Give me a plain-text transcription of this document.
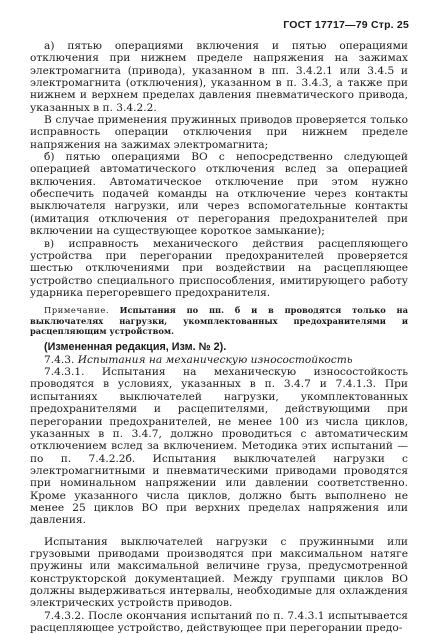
ГОСТ 17717—79 Стр. 25

а) пятью операциями включения и пятью операциями отключения при нижнем пределе напряжения на зажимах электромагнита (привода), указанном в пп. 3.4.2.1 или 3.4.5 и электромагнита (отключения), указанном в п. 3.4.3, а также при нижнем и верхнем пределах давления пневматического привода, указанных в п. 3.4.2.2.

В случае применения пружинных приводов проверяется только исправность операции отключения при нижнем пределе напряжения на зажимах электромагнита;

б) пятью операциями ВО с непосредственно следующей операцией автоматического отключения вслед за операцией включения. Автоматическое отключение при этом нужно обеспечить подачей команды на отключение через контакты выключателя нагрузки, или через вспомогательные контакты (имитация отключения от перегорания предохранителей при включении на существующее короткое замыкание);

в) исправность механического действия расцепляющего устройства при перегорании предохранителей проверяется шестью отключениями при воздействии на расцепляющее устройство специального приспособления, имитирующего работу ударника перегоревшего предохранителя.

Примечание. Испытания по пп. б и в проводятся только на выключателях нагрузки, укомплектованных предохранителями и расцепляющим устройством.

(Измененная редакция, Изм. № 2).

7.4.3. Испытания на механическую износостойкость

7.4.3.1. Испытания на механическую износостойкость проводятся в условиях, указанных в п. 3.4.7 и 7.4.1.3. При испытаниях выключателей нагрузки, укомплектованных предохранителями и расцепителями, действующими при перегорании предохранителей, не менее 100 из числа циклов, указанных в п. 3.4.7, должно проводиться с автоматическим отключением вслед за включением. Методика этих испытаний — по п. 7.4.2.2б. Испытания выключателей нагрузки с электромагнитными и пневматическими приводами проводятся при номинальном напряжении или давлении соответственно. Кроме указанного числа циклов, должно быть выполнено не менее 25 циклов ВО при верхних пределах напряжения или давления.

Испытания выключателей нагрузки с пружинными или грузовыми приводами производятся при максимальном натяге пружины или максимальной величине груза, предусмотренной конструкторской документацией. Между группами циклов ВО должны выдерживаться интервалы, необходимые для охлаждения электрических устройств приводов.

7.4.3.2. После окончания испытаний по п. 7.4.3.1 испытывается расцепляющее устройство, действующее при перегорании предо-
